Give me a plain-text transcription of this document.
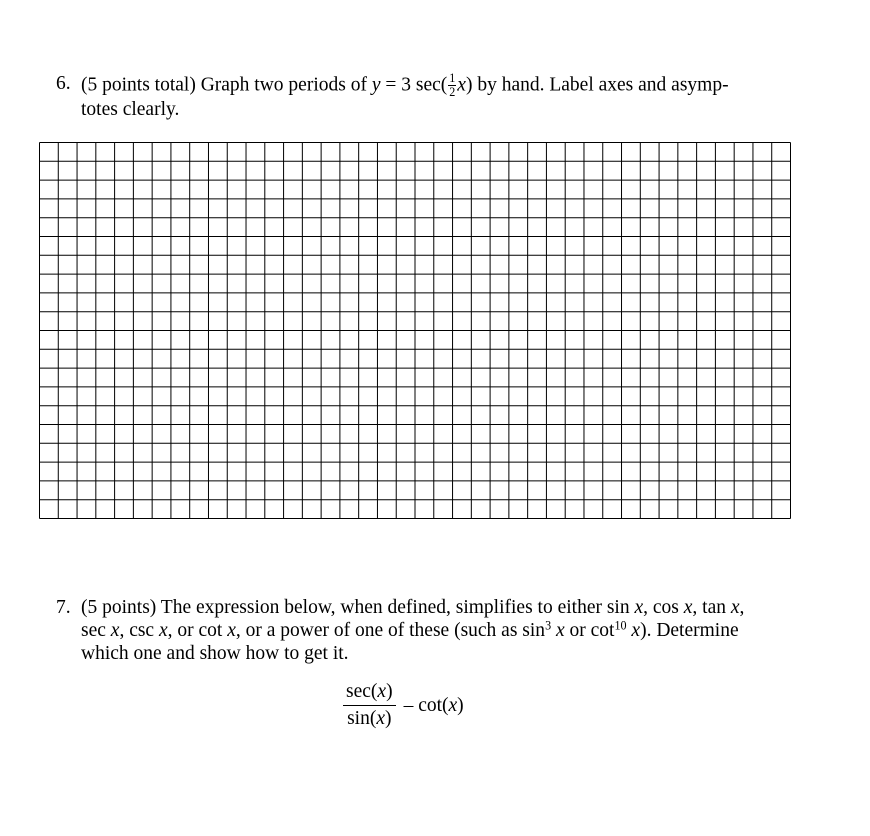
6. (5 points total) Graph two periods of y = 3 $\sec( \frac{1}{2} x)$ by hand. Label axes and asymp-
totes clearly.
7. (5 points) The expression below, when defined, simplifies to either sin x, cos x, tan x,
sec x, csc x, or cot x, or a power of one of these (such as $\sin^3 x$ or $\cot^{10} x$). Determine
which one and show how to get it.
sec(x)
sin(x)
– cot(x)
